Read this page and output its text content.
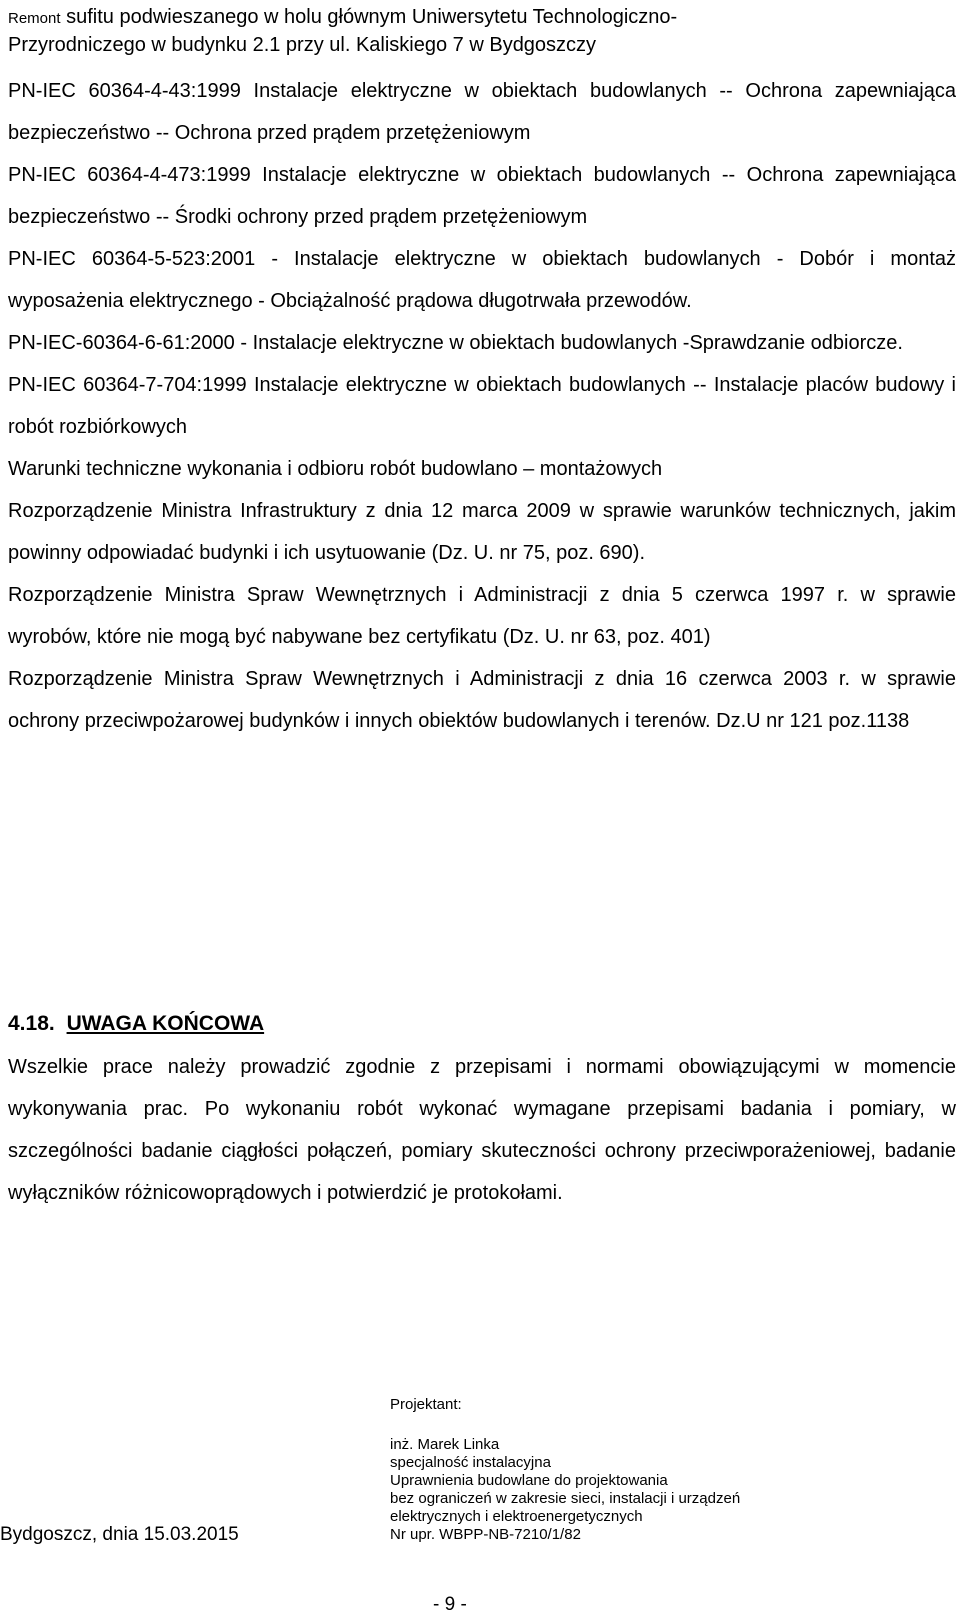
Remont sufitu podwieszanego w holu głównym Uniwersytetu Technologiczno-
Przyrodniczego w budynku 2.1 przy ul. Kaliskiego 7 w Bydgoszczy

PN-IEC 60364-4-43:1999 Instalacje elektryczne w obiektach budowlanych -- Ochrona zapewniająca bezpieczeństwo -- Ochrona przed prądem przetężeniowym

PN-IEC 60364-4-473:1999 Instalacje elektryczne w obiektach budowlanych -- Ochrona zapewniająca bezpieczeństwo -- Środki ochrony przed prądem przetężeniowym

PN-IEC 60364-5-523:2001 - Instalacje elektryczne w obiektach budowlanych - Dobór i montaż wyposażenia elektrycznego - Obciążalność prądowa długotrwała przewodów.

PN-IEC-60364-6-61:2000 - Instalacje elektryczne w obiektach budowlanych -Sprawdzanie odbiorcze.

PN-IEC 60364-7-704:1999 Instalacje elektryczne w obiektach budowlanych -- Instalacje placów budowy i robót rozbiórkowych

Warunki techniczne wykonania i odbioru robót budowlano – montażowych

Rozporządzenie Ministra Infrastruktury z dnia 12 marca 2009 w sprawie warunków technicznych, jakim powinny odpowiadać budynki i ich usytuowanie (Dz. U. nr 75, poz. 690).

Rozporządzenie Ministra Spraw Wewnętrznych i Administracji z dnia 5 czerwca 1997 r. w sprawie wyrobów, które nie mogą być nabywane bez certyfikatu (Dz. U. nr 63, poz. 401)

Rozporządzenie Ministra Spraw Wewnętrznych i Administracji z dnia 16 czerwca 2003 r. w sprawie ochrony przeciwpożarowej budynków i innych obiektów budowlanych i terenów. Dz.U nr 121 poz.1138

4.18. UWAGA KOŃCOWA
Wszelkie prace należy prowadzić zgodnie z przepisami i normami obowiązującymi w momencie wykonywania prac. Po wykonaniu robót wykonać wymagane przepisami badania i pomiary, w szczególności badanie ciągłości połączeń, pomiary skuteczności ochrony przeciwporażeniowej, badanie wyłączników różnicowoprądowych i potwierdzić je protokołami.
Projektant:
inż. Marek Linka
specjalność instalacyjna
Uprawnienia budowlane do projektowania
bez ograniczeń w zakresie sieci, instalacji i urządzeń
elektrycznych i elektroenergetycznych
Nr upr. WBPP-NB-7210/1/82
Bydgoszcz, dnia 15.03.2015
- 9 -
